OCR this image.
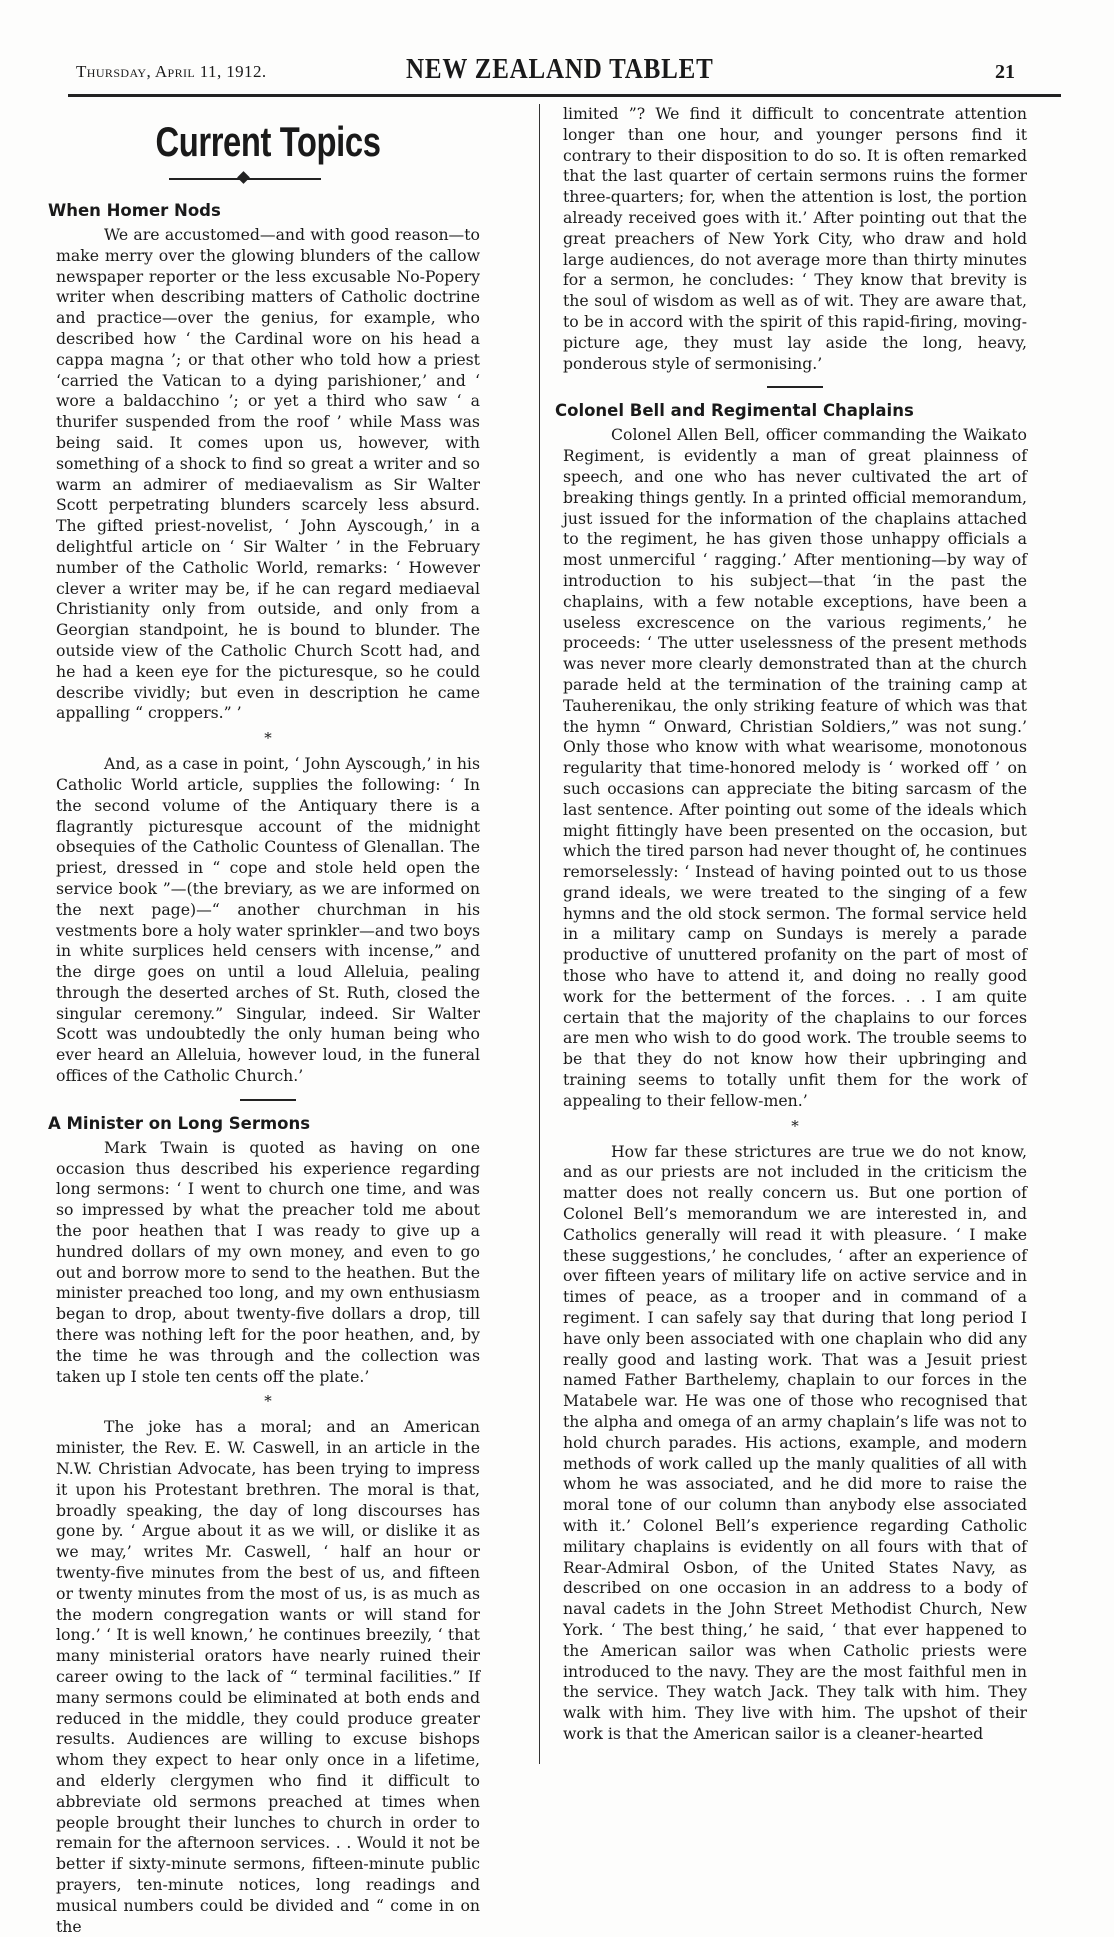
Thursday, April 11, 1912.	NEW ZEALAND TABLET	21
Current Topics
When Homer Nods

We are accustomed—and with good reason—to make merry over the glowing blunders of the callow newspaper reporter or the less excusable No-Popery writer when describing matters of Catholic doctrine and practice—over the genius, for example, who described how ‘ the Cardinal wore on his head a cappa magna ’; or that other who told how a priest ‘carried the Vatican to a dying parishioner,’ and ‘ wore a baldacchino ’; or yet a third who saw ‘ a thurifer suspended from the roof ’ while Mass was being said. It comes upon us, however, with something of a shock to find so great a writer and so warm an admirer of mediaevalism as Sir Walter Scott perpetrating blunders scarcely less absurd. The gifted priest-novelist, ‘ John Ayscough,’ in a delightful article on ‘ Sir Walter ’ in the February number of the Catholic World, remarks: ‘ However clever a writer may be, if he can regard mediaeval Christianity only from outside, and only from a Georgian standpoint, he is bound to blunder. The outside view of the Catholic Church Scott had, and he had a keen eye for the picturesque, so he could describe vividly; but even in description he came appalling “ croppers.” ’

*

And, as a case in point, ‘ John Ayscough,’ in his Catholic World article, supplies the following: ‘ In the second volume of the Antiquary there is a flagrantly picturesque account of the midnight obsequies of the Catholic Countess of Glenallan. The priest, dressed in “ cope and stole held open the service book ”—(the breviary, as we are informed on the next page)—“ another churchman in his vestments bore a holy water sprinkler—and two boys in white surplices held censers with incense,” and the dirge goes on until a loud Alleluia, pealing through the deserted arches of St. Ruth, closed the singular ceremony.” Singular, indeed. Sir Walter Scott was undoubtedly the only human being who ever heard an Alleluia, however loud, in the funeral offices of the Catholic Church.’

A Minister on Long Sermons

Mark Twain is quoted as having on one occasion thus described his experience regarding long sermons: ‘ I went to church one time, and was so impressed by what the preacher told me about the poor heathen that I was ready to give up a hundred dollars of my own money, and even to go out and borrow more to send to the heathen. But the minister preached too long, and my own enthusiasm began to drop, about twenty-five dollars a drop, till there was nothing left for the poor heathen, and, by the time he was through and the collection was taken up I stole ten cents off the plate.’

*

The joke has a moral; and an American minister, the Rev. E. W. Caswell, in an article in the N.W. Christian Advocate, has been trying to impress it upon his Protestant brethren. The moral is that, broadly speaking, the day of long discourses has gone by. ‘ Argue about it as we will, or dislike it as we may,’ writes Mr. Caswell, ‘ half an hour or twenty-five minutes from the best of us, and fifteen or twenty minutes from the most of us, is as much as the modern congregation wants or will stand for long.’ ‘ It is well known,’ he continues breezily, ‘ that many ministerial orators have nearly ruined their career owing to the lack of “ terminal facilities.” If many sermons could be eliminated at both ends and reduced in the middle, they could produce greater results. Audiences are willing to excuse bishops whom they expect to hear only once in a lifetime, and elderly clergymen who find it difficult to abbreviate old sermons preached at times when people brought their lunches to church in order to remain for the afternoon services. . . Would it not be better if sixty-minute sermons, fifteen-minute public prayers, ten-minute notices, long readings and musical numbers could be divided and “ come in on the

limited ”? We find it difficult to concentrate attention longer than one hour, and younger persons find it contrary to their disposition to do so. It is often remarked that the last quarter of certain sermons ruins the former three-quarters; for, when the attention is lost, the portion already received goes with it.’ After pointing out that the great preachers of New York City, who draw and hold large audiences, do not average more than thirty minutes for a sermon, he concludes: ‘ They know that brevity is the soul of wisdom as well as of wit. They are aware that, to be in accord with the spirit of this rapid-firing, moving-picture age, they must lay aside the long, heavy, ponderous style of sermonising.’

Colonel Bell and Regimental Chaplains

Colonel Allen Bell, officer commanding the Waikato Regiment, is evidently a man of great plainness of speech, and one who has never cultivated the art of breaking things gently. In a printed official memorandum, just issued for the information of the chaplains attached to the regiment, he has given those unhappy officials a most unmerciful ‘ ragging.’ After mentioning—by way of introduction to his subject—that ‘in the past the chaplains, with a few notable exceptions, have been a useless excrescence on the various regiments,’ he proceeds: ‘ The utter uselessness of the present methods was never more clearly demonstrated than at the church parade held at the termination of the training camp at Tauherenikau, the only striking feature of which was that the hymn “ Onward, Christian Soldiers,” was not sung.’ Only those who know with what wearisome, monotonous regularity that time-honored melody is ‘ worked off ’ on such occasions can appreciate the biting sarcasm of the last sentence. After pointing out some of the ideals which might fittingly have been presented on the occasion, but which the tired parson had never thought of, he continues remorselessly: ‘ Instead of having pointed out to us those grand ideals, we were treated to the singing of a few hymns and the old stock sermon. The formal service held in a military camp on Sundays is merely a parade productive of unuttered profanity on the part of most of those who have to attend it, and doing no really good work for the betterment of the forces. . . I am quite certain that the majority of the chaplains to our forces are men who wish to do good work. The trouble seems to be that they do not know how their upbringing and training seems to totally unfit them for the work of appealing to their fellow-men.’

*

How far these strictures are true we do not know, and as our priests are not included in the criticism the matter does not really concern us. But one portion of Colonel Bell’s memorandum we are interested in, and Catholics generally will read it with pleasure. ‘ I make these suggestions,’ he concludes, ‘ after an experience of over fifteen years of military life on active service and in times of peace, as a trooper and in command of a regiment. I can safely say that during that long period I have only been associated with one chaplain who did any really good and lasting work. That was a Jesuit priest named Father Barthelemy, chaplain to our forces in the Matabele war. He was one of those who recognised that the alpha and omega of an army chaplain’s life was not to hold church parades. His actions, example, and modern methods of work called up the manly qualities of all with whom he was associated, and he did more to raise the moral tone of our column than anybody else associated with it.’ Colonel Bell’s experience regarding Catholic military chaplains is evidently on all fours with that of Rear-Admiral Osbon, of the United States Navy, as described on one occasion in an address to a body of naval cadets in the John Street Methodist Church, New York. ‘ The best thing,’ he said, ‘ that ever happened to the American sailor was when Catholic priests were introduced to the navy. They are the most faithful men in the service. They watch Jack. They talk with him. They walk with him. They live with him. The upshot of their work is that the American sailor is a cleaner-hearted
